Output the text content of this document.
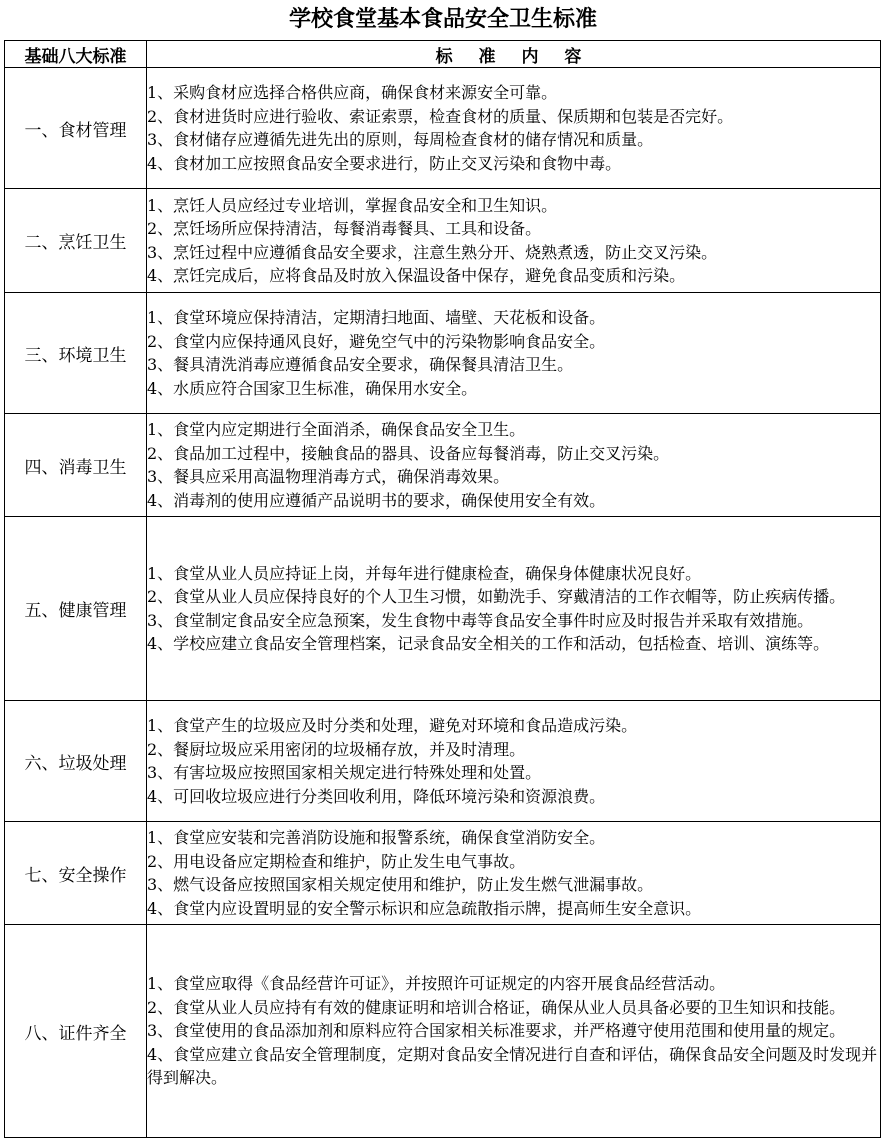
学校食堂基本食品安全卫生标准
基础八大标准	标 准 内 容
一、食材管理	1、采购食材应选择合格供应商，确保食材来源安全可靠。
2、食材进货时应进行验收、索证索票，检查食材的质量、保质期和包装是否完好。
3、食材储存应遵循先进先出的原则，每周检查食材的储存情况和质量。
4、食材加工应按照食品安全要求进行，防止交叉污染和食物中毒。

二、烹饪卫生	1、烹饪人员应经过专业培训，掌握食品安全和卫生知识。
2、烹饪场所应保持清洁，每餐消毒餐具、工具和设备。
3、烹饪过程中应遵循食品安全要求，注意生熟分开、烧熟煮透，防止交叉污染。
4、烹饪完成后，应将食品及时放入保温设备中保存，避免食品变质和污染。

三、环境卫生	1、食堂环境应保持清洁，定期清扫地面、墙壁、天花板和设备。
2、食堂内应保持通风良好，避免空气中的污染物影响食品安全。
3、餐具清洗消毒应遵循食品安全要求，确保餐具清洁卫生。
4、水质应符合国家卫生标准，确保用水安全。

四、消毒卫生	1、食堂内应定期进行全面消杀，确保食品安全卫生。
2、食品加工过程中，接触食品的器具、设备应每餐消毒，防止交叉污染。
3、餐具应采用高温物理消毒方式，确保消毒效果。
4、消毒剂的使用应遵循产品说明书的要求，确保使用安全有效。

五、健康管理	1、食堂从业人员应持证上岗，并每年进行健康检查，确保身体健康状况良好。
2、食堂从业人员应保持良好的个人卫生习惯，如勤洗手、穿戴清洁的工作衣帽等，防止疾病传播。
3、食堂制定食品安全应急预案，发生食物中毒等食品安全事件时应及时报告并采取有效措施。
4、学校应建立食品安全管理档案，记录食品安全相关的工作和活动，包括检查、培训、演练等。

六、垃圾处理	1、食堂产生的垃圾应及时分类和处理，避免对环境和食品造成污染。
2、餐厨垃圾应采用密闭的垃圾桶存放，并及时清理。
3、有害垃圾应按照国家相关规定进行特殊处理和处置。
4、可回收垃圾应进行分类回收利用，降低环境污染和资源浪费。

七、安全操作	1、食堂应安装和完善消防设施和报警系统，确保食堂消防安全。
2、用电设备应定期检查和维护，防止发生电气事故。
3、燃气设备应按照国家相关规定使用和维护，防止发生燃气泄漏事故。
4、食堂内应设置明显的安全警示标识和应急疏散指示牌，提高师生安全意识。

八、证件齐全	1、食堂应取得《食品经营许可证》，并按照许可证规定的内容开展食品经营活动。
2、食堂从业人员应持有有效的健康证明和培训合格证，确保从业人员具备必要的卫生知识和技能。
3、食堂使用的食品添加剂和原料应符合国家相关标准要求，并严格遵守使用范围和使用量的规定。
4、食堂应建立食品安全管理制度，定期对食品安全情况进行自查和评估，确保食品安全问题及时发现并得到解决。
